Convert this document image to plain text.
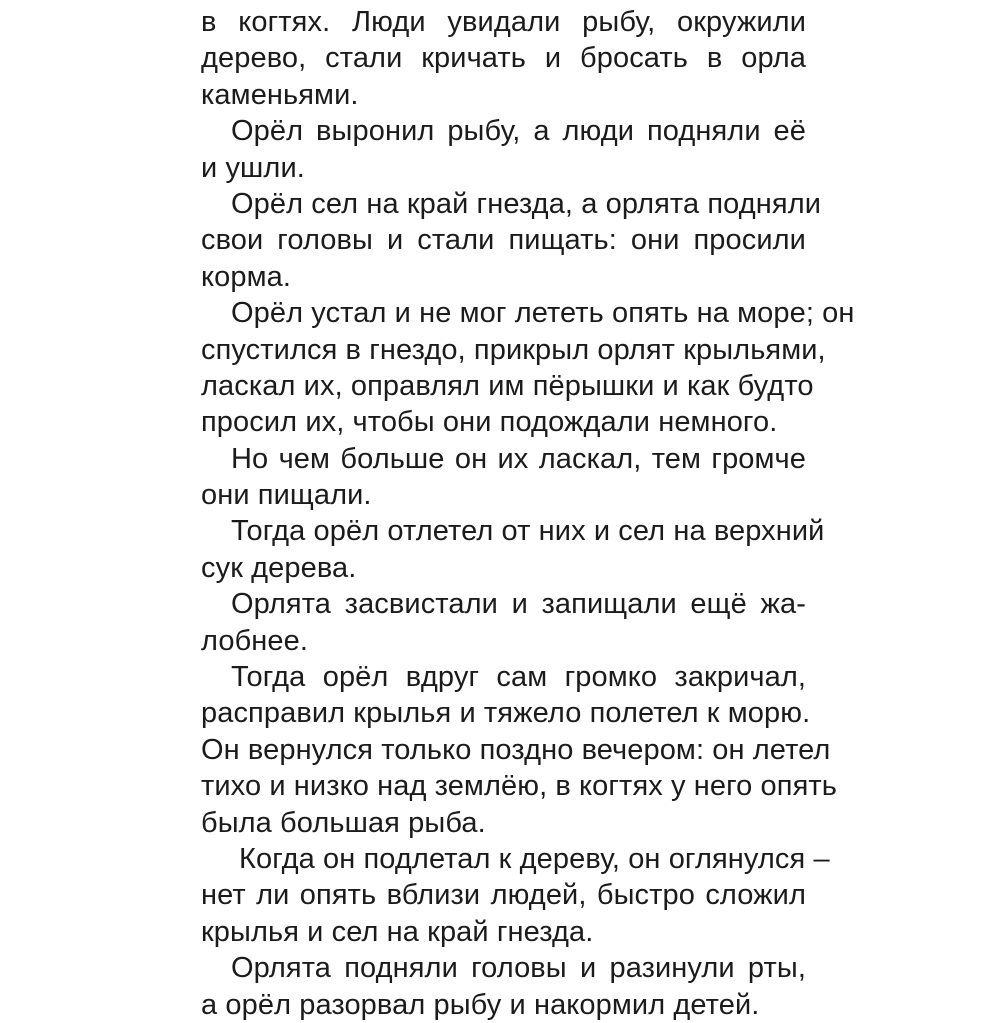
в когтях. Люди увидали рыбу, окружили
дерево, стали кричать и бросать в орла
каменьями.
Орёл выронил рыбу, а люди подняли её
и ушли.
Орёл сел на край гнезда, а орлята подняли
свои головы и стали пищать: они просили
корма.
Орёл устал и не мог лететь опять на море; он
спустился в гнездо, прикрыл орлят крыльями,
ласкал их, оправлял им пёрышки и как будто
просил их, чтобы они подождали немного.
Но чем больше он их ласкал, тем громче
они пищали.
Тогда орёл отлетел от них и сел на верхний
сук дерева.
Орлята засвистали и запищали ещё жа-
лобнее.
Тогда орёл вдруг сам громко закричал,
расправил крылья и тяжело полетел к морю.
Он вернулся только поздно вечером: он летел
тихо и низко над землёю, в когтях у него опять
была большая рыба.
Когда он подлетал к дереву, он оглянулся –
нет ли опять вблизи людей, быстро сложил
крылья и сел на край гнезда.
Орлята подняли головы и разинули рты,
а орёл разорвал рыбу и накормил детей.
